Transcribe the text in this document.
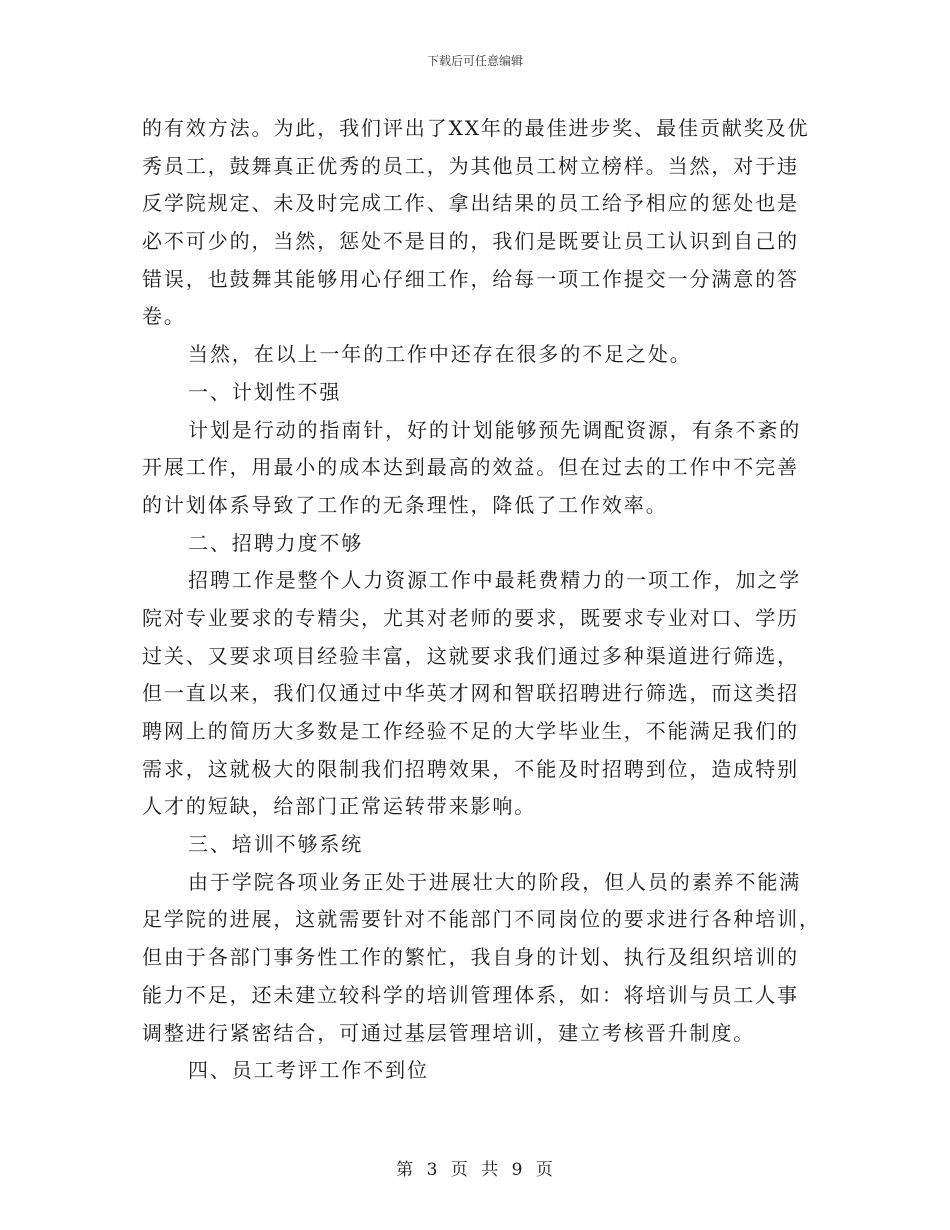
下载后可任意编辑
的有效方法。为此，我们评出了XX年的最佳进步奖、最佳贡献奖及优
秀员工，鼓舞真正优秀的员工，为其他员工树立榜样。当然，对于违
反学院规定、未及时完成工作、拿出结果的员工给予相应的惩处也是
必不可少的，当然，惩处不是目的，我们是既要让员工认识到自己的
错误，也鼓舞其能够用心仔细工作，给每一项工作提交一分满意的答
卷。
当然，在以上一年的工作中还存在很多的不足之处。
一、计划性不强
计划是行动的指南针，好的计划能够预先调配资源，有条不紊的
开展工作，用最小的成本达到最高的效益。但在过去的工作中不完善
的计划体系导致了工作的无条理性，降低了工作效率。
二、招聘力度不够
招聘工作是整个人力资源工作中最耗费精力的一项工作，加之学
院对专业要求的专精尖，尤其对老师的要求，既要求专业对口、学历
过关、又要求项目经验丰富，这就要求我们通过多种渠道进行筛选，
但一直以来，我们仅通过中华英才网和智联招聘进行筛选，而这类招
聘网上的简历大多数是工作经验不足的大学毕业生，不能满足我们的
需求，这就极大的限制我们招聘效果，不能及时招聘到位，造成特别
人才的短缺，给部门正常运转带来影响。
三、培训不够系统
由于学院各项业务正处于进展壮大的阶段，但人员的素养不能满
足学院的进展，这就需要针对不能部门不同岗位的要求进行各种培训，
但由于各部门事务性工作的繁忙，我自身的计划、执行及组织培训的
能力不足，还未建立较科学的培训管理体系，如：将培训与员工人事
调整进行紧密结合，可通过基层管理培训，建立考核晋升制度。
四、员工考评工作不到位
第 3 页 共 9 页
